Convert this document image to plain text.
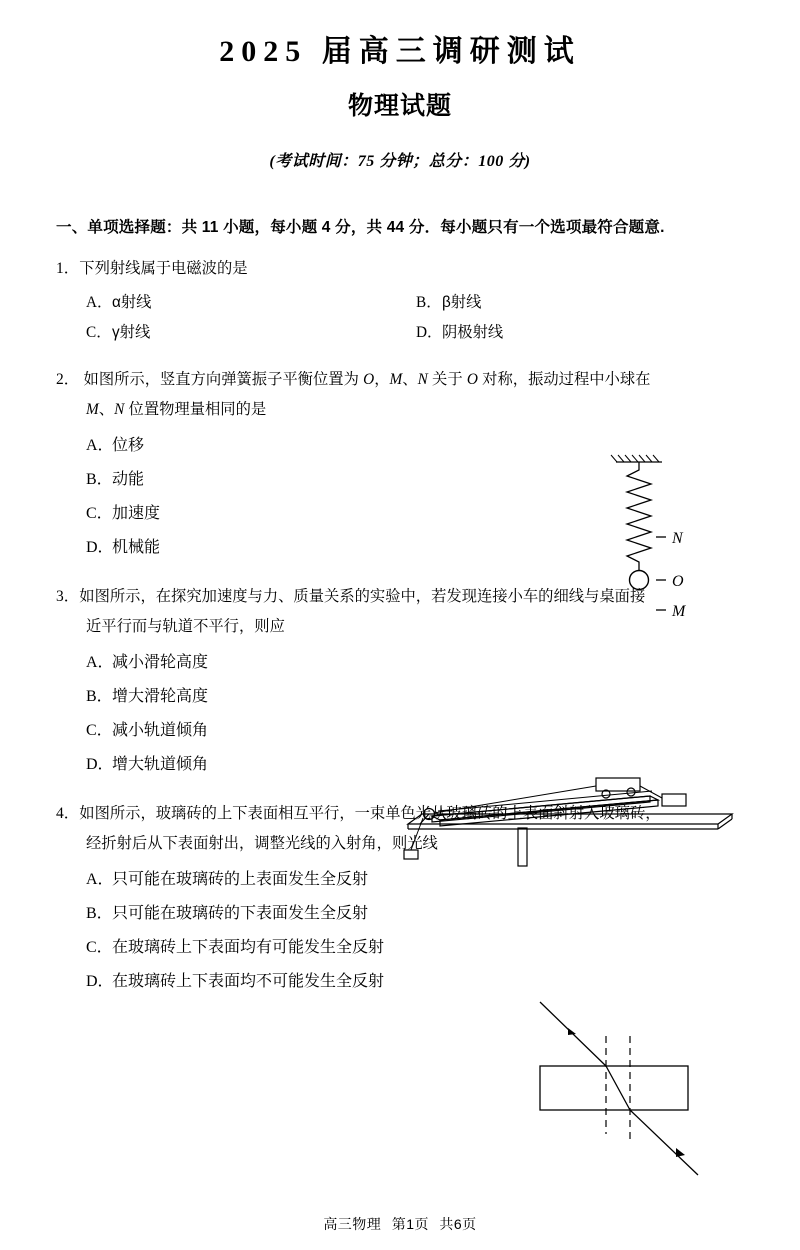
2025 届高三调研测试
物理试题
(考试时间：75 分钟；总分：100 分)
一、单项选择题：共 11 小题，每小题 4 分，共 44 分．每小题只有一个选项最符合题意.
1．下列射线属于电磁波的是
A． α射线	B． β射线
C． γ射线	D． 阴极射线
2． 如图所示，竖直方向弹簧振子平衡位置为 O，M、N 关于 O 对称，振动过程中小球在
M、N 位置物理量相同的是
A．
位移
B． 动能
C． 加速度
D．
机械能
3．如图所示，在探究加速度与力、质量关系的实验中，若发现连接小车的细线与桌面接
近平行而与轨道不平行，则应
A．
减小滑轮高度
B． 增大滑轮高度
C． 减小轨道倾角
D．
增大轨道倾角
4．如图所示，玻璃砖的上下表面相互平行，一束单色光从玻璃砖的上表面斜射入玻璃砖，
经折射后从下表面射出，调整光线的入射角，则光线
A．
只可能在玻璃砖的上表面发生全反射
B． 只可能在玻璃砖的下表面发生全反射
C． 在玻璃砖上下表面均有可能发生全反射
D．
在玻璃砖上下表面均不可能发生全反射
N
O
M
高三物理 第1页 共6页
